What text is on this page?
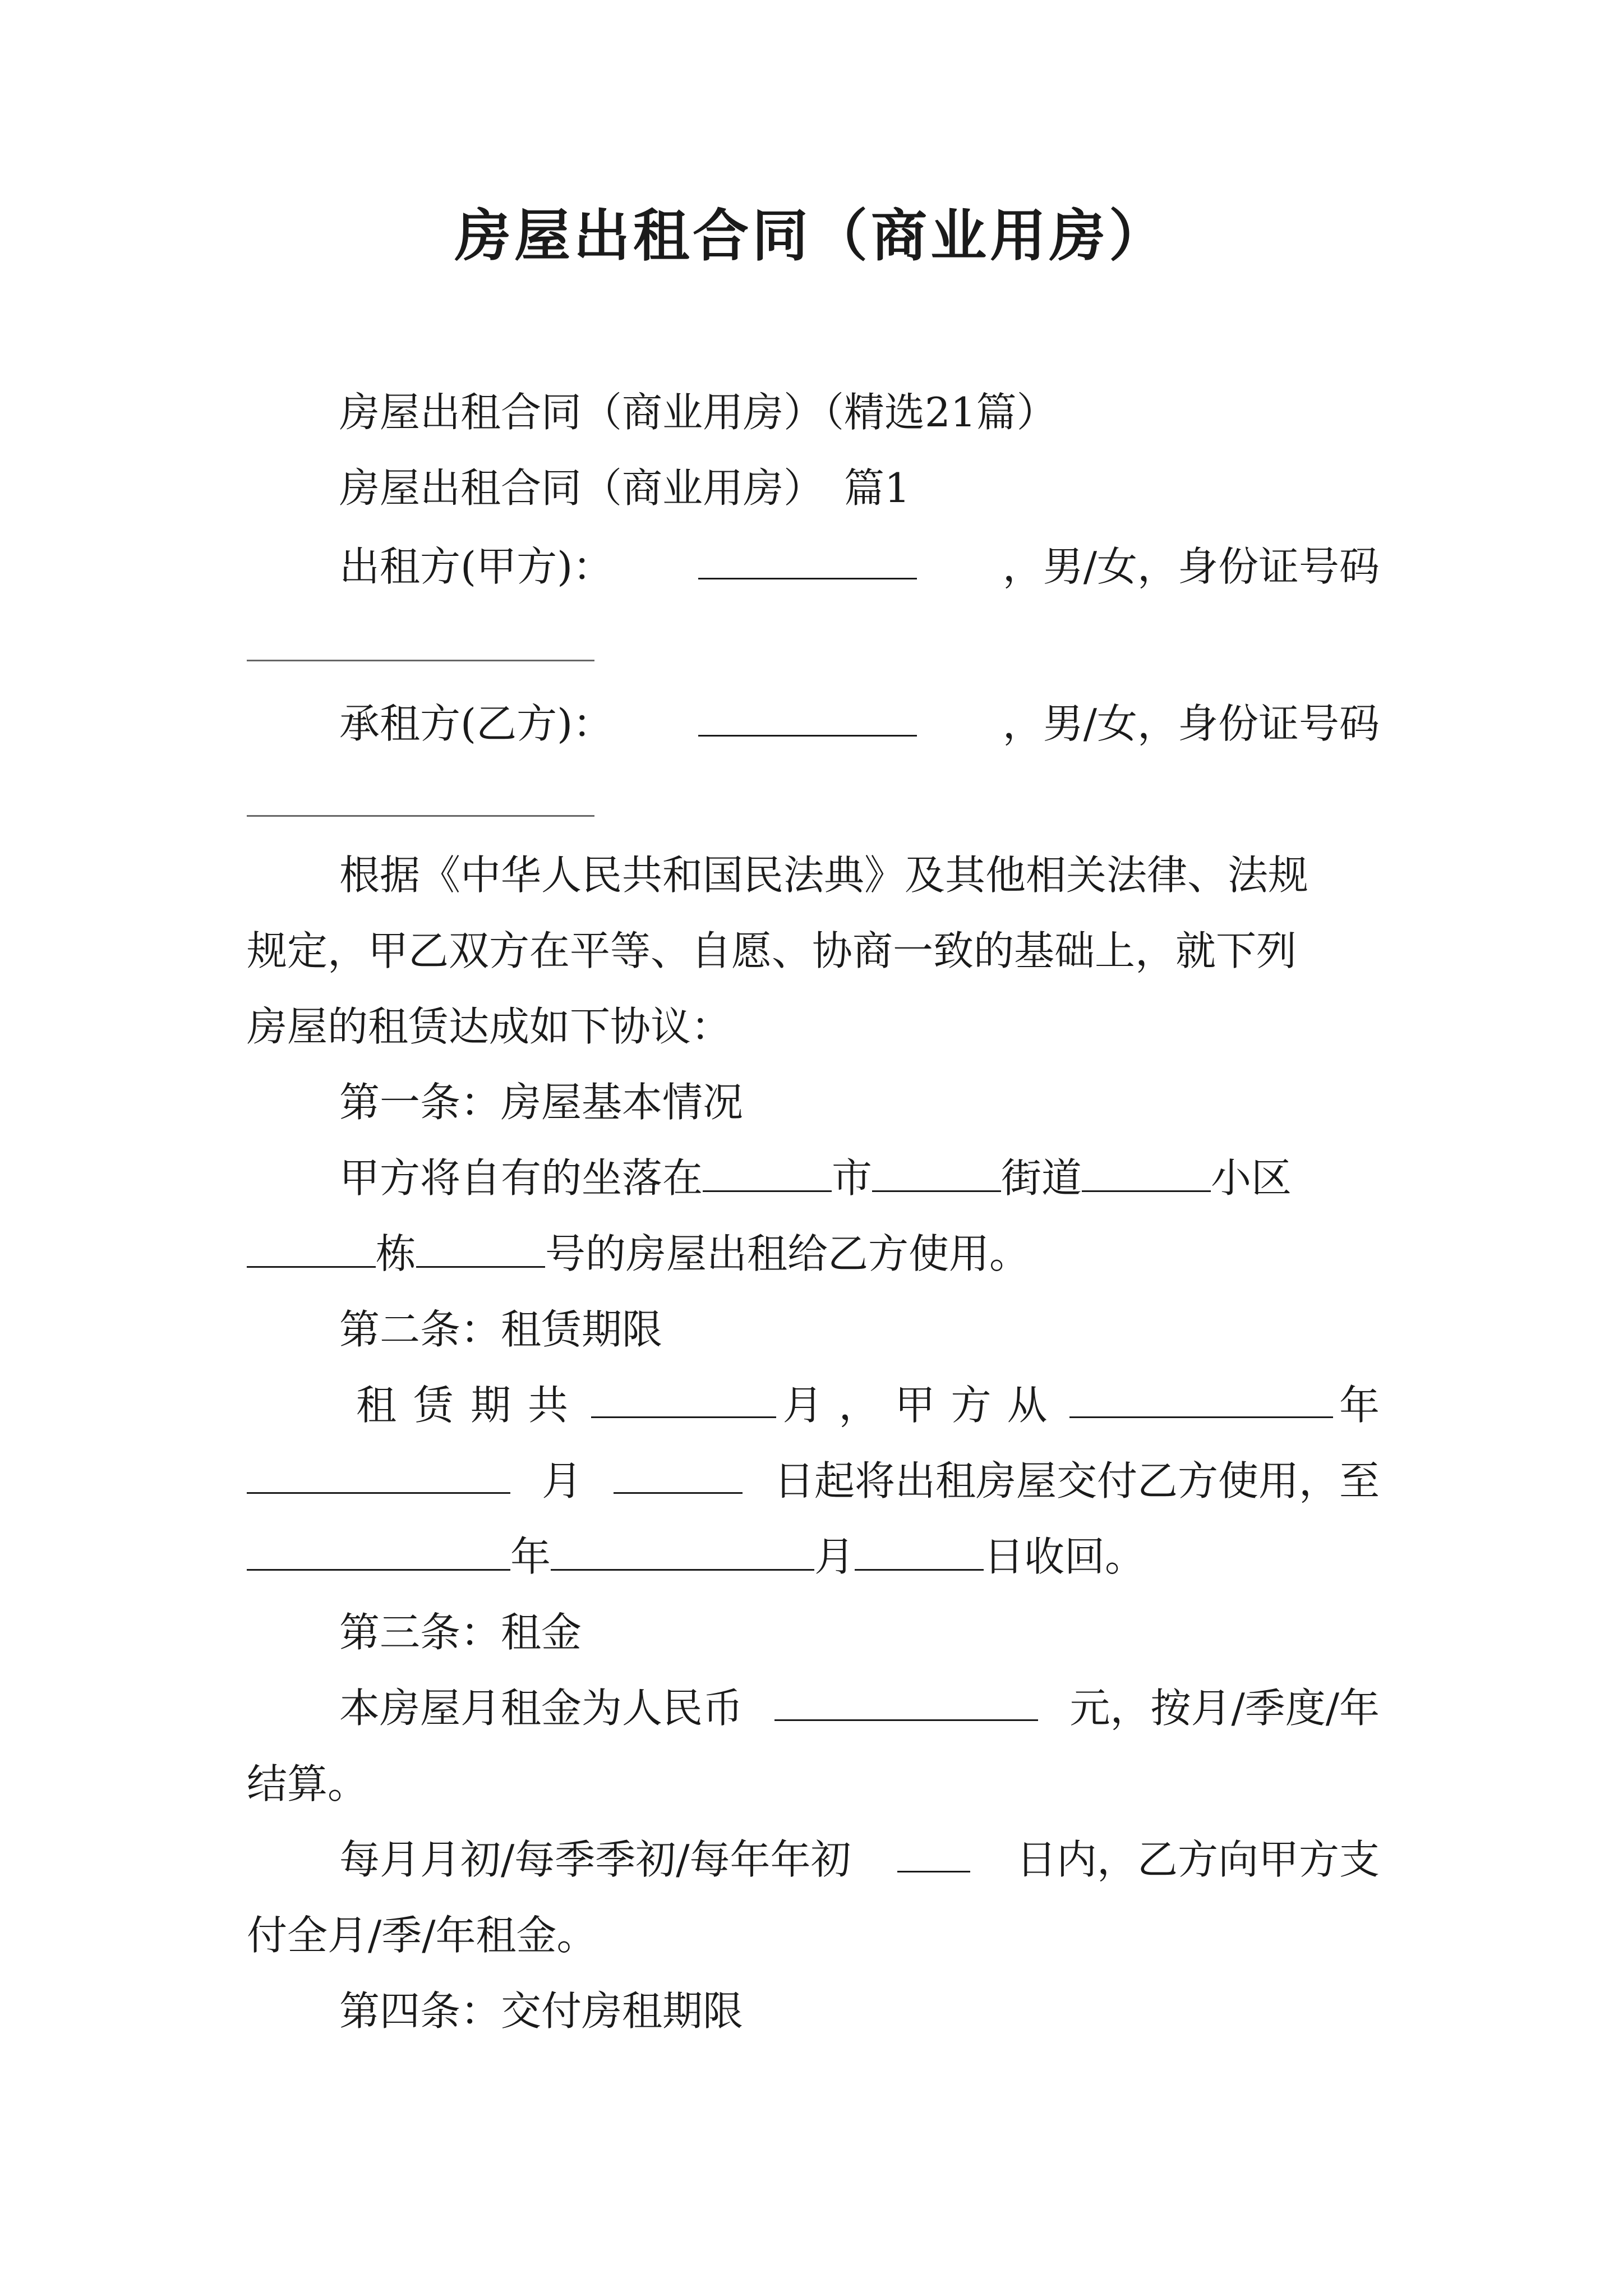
房屋出租合同（商业用房）
房屋出租合同（商业用房）（精选21篇）
房屋出租合同（商业用房）　篇1
出租方(甲方)：	，男/女，身份证号码
承租方(乙方)：	，男/女，身份证号码
根据《中华人民共和国民法典》及其他相关法律、法规
规定，甲乙双方在平等、自愿、协商一致的基础上，就下列
房屋的租赁达成如下协议：
第一条：房屋基本情况
甲方将自有的坐落在	市	街道	小区
栋	号的房屋出租给乙方使用。
第二条：租赁期限
租赁期共	月，甲方从	年
月	日起将出租房屋交付乙方使用，至
年	月	日收回。
第三条：租金
本房屋月租金为人民币	元，按月/季度/年
结算。
每月月初/每季季初/每年年初	日内，乙方向甲方支
付全月/季/年租金。
第四条：交付房租期限
